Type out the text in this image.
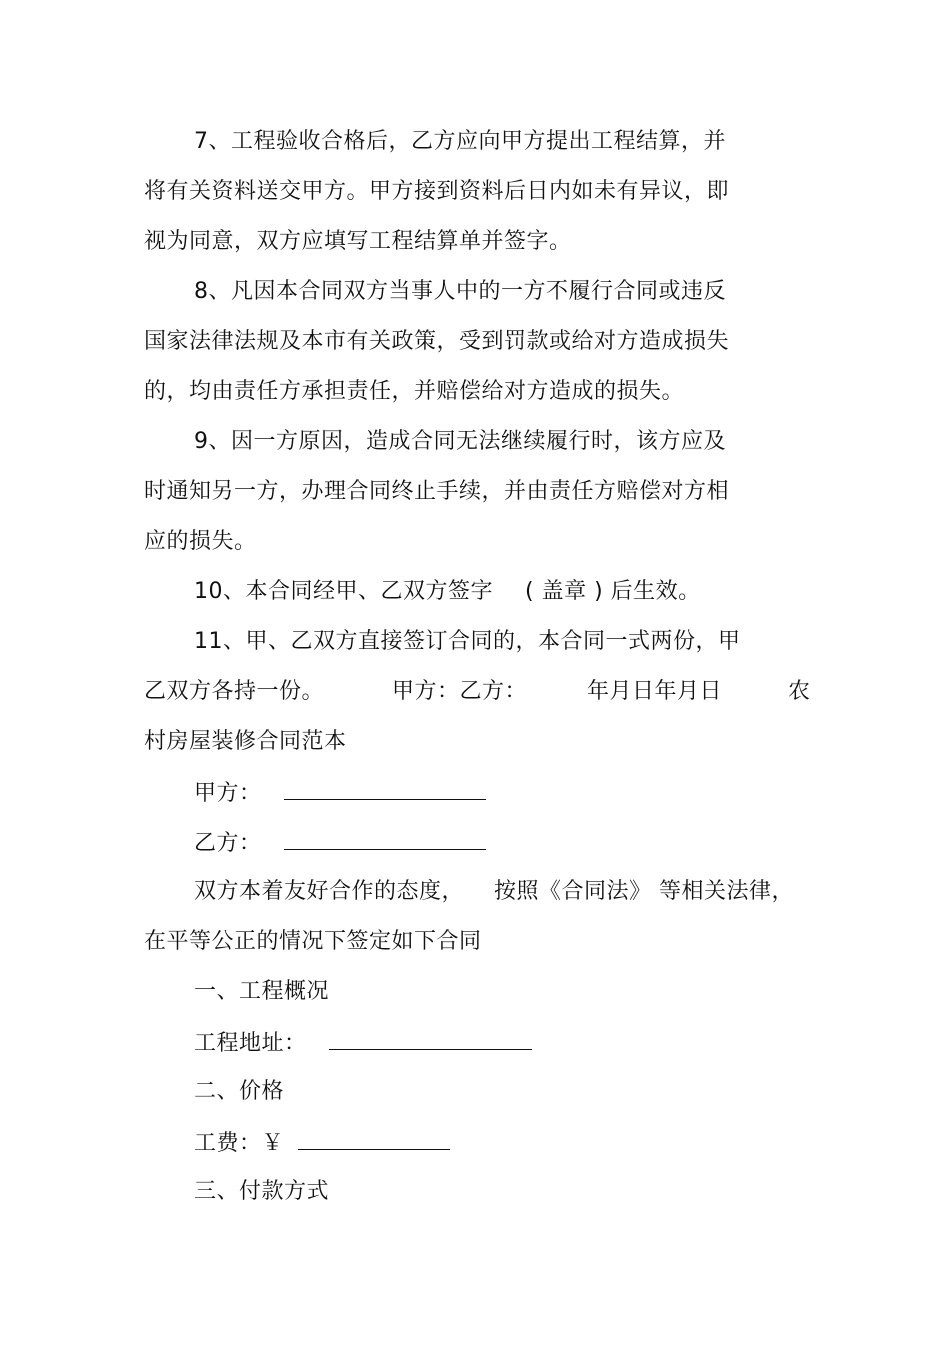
7、工程验收合格后，乙方应向甲方提出工程结算，并
将有关资料送交甲方。甲方接到资料后日内如未有异议，即
视为同意，双方应填写工程结算单并签字。
8、凡因本合同双方当事人中的一方不履行合同或违反
国家法律法规及本市有关政策，受到罚款或给对方造成损失
的，均由责任方承担责任，并赔偿给对方造成的损失。
9、因一方原因，造成合同无法继续履行时，该方应及
时通知另一方，办理合同终止手续，并由责任方赔偿对方相
应的损失。
10、本合同经甲、乙双方签字 ( 盖章 ) 后生效。
11、甲、乙双方直接签订合同的，本合同一式两份，甲
乙双方各持一份。	甲方：乙方：	年月日年月日	农
村房屋装修合同范本
甲方：
乙方：
双方本着友好合作的态度， 按照《合同法》 等相关法律，
在平等公正的情况下签定如下合同
一、工程概况
工程地址：
二、价格
工费：￥
三、付款方式
